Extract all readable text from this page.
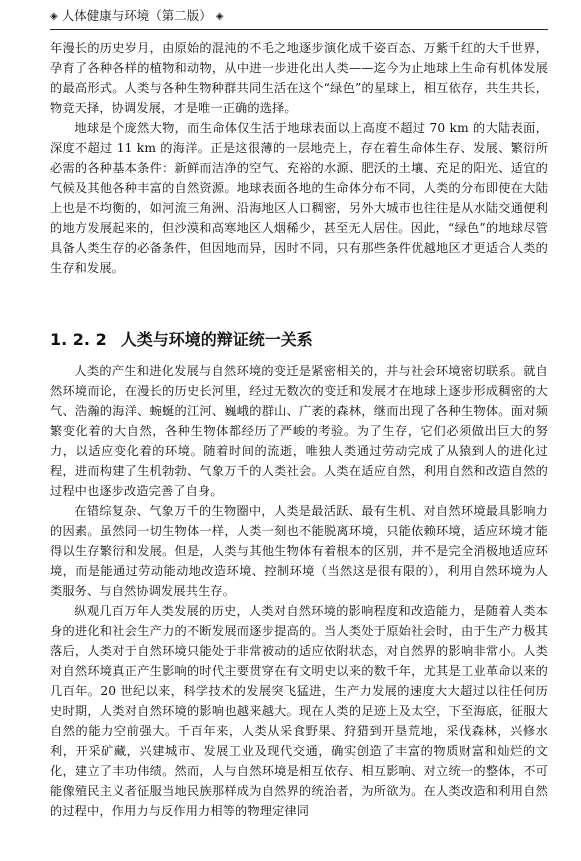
◈ 人体健康与环境（第二版） ◈

年漫长的历史岁月，由原始的混沌的不毛之地逐步演化成千姿百态、万紫千红的大千世界，孕育了各种各样的植物和动物，从中进一步进化出人类——迄今为止地球上生命有机体发展的最高形式。人类与各种生物种群共同生活在这个“绿色”的星球上，相互依存，共生共长，物竞天择，协调发展，才是唯一正确的选择。

地球是个庞然大物，而生命体仅生活于地球表面以上高度不超过 70 km 的大陆表面，深度不超过 11 km 的海洋。正是这很薄的一层地壳上，存在着生命体生存、发展、繁衍所必需的各种基本条件：新鲜而洁净的空气、充裕的水源、肥沃的土壤、充足的阳光、适宜的气候及其他各种丰富的自然资源。地球表面各地的生命体分布不同，人类的分布即使在大陆上也是不均衡的，如河流三角洲、沿海地区人口稠密，另外大城市也往往是从水陆交通便利的地方发展起来的，但沙漠和高寒地区人烟稀少，甚至无人居住。因此，“绿色”的地球尽管具备人类生存的必备条件，但因地而异，因时不同，只有那些条件优越地区才更适合人类的生存和发展。

1. 2. 2 人类与环境的辩证统一关系

人类的产生和进化发展与自然环境的变迁是紧密相关的，并与社会环境密切联系。就自然环境而论，在漫长的历史长河里，经过无数次的变迁和发展才在地球上逐步形成稠密的大气、浩瀚的海洋、蜿蜒的江河、巍峨的群山、广袤的森林，继而出现了各种生物体。面对频繁变化着的大自然，各种生物体都经历了严峻的考验。为了生存，它们必须做出巨大的努力，以适应变化着的环境。随着时间的流逝，唯独人类通过劳动完成了从猿到人的进化过程，进而构建了生机勃勃、气象万千的人类社会。人类在适应自然，利用自然和改造自然的过程中也逐步改造完善了自身。

在错综复杂、气象万千的生物圈中，人类是最活跃、最有生机、对自然环境最具影响力的因素。虽然同一切生物体一样，人类一刻也不能脱离环境，只能依赖环境，适应环境才能得以生存繁衍和发展。但是，人类与其他生物体有着根本的区别，并不是完全消极地适应环境，而是能通过劳动能动地改造环境、控制环境（当然这是很有限的），利用自然环境为人类服务、与自然协调发展共生存。

纵观几百万年人类发展的历史，人类对自然环境的影响程度和改造能力，是随着人类本身的进化和社会生产力的不断发展而逐步提高的。当人类处于原始社会时，由于生产力极其落后，人类对于自然环境只能处于非常被动的适应依附状态，对自然界的影响非常小。人类对自然环境真正产生影响的时代主要贯穿在有文明史以来的数千年，尤其是工业革命以来的几百年。20 世纪以来，科学技术的发展突飞猛进，生产力发展的速度大大超过以往任何历史时期，人类对自然环境的影响也越来越大。现在人类的足迹上及太空，下至海底，征服大自然的能力空前强大。千百年来，人类从采食野果、狩猎到开垦荒地，采伐森林，兴修水利，开采矿藏，兴建城市、发展工业及现代交通，确实创造了丰富的物质财富和灿烂的文化，建立了丰功伟绩。然而，人与自然环境是相互依存、相互影响、对立统一的整体，不可能像殖民主义者征服当地民族那样成为自然界的统治者，为所欲为。在人类改造和利用自然的过程中，作用力与反作用力相等的物理定律同
